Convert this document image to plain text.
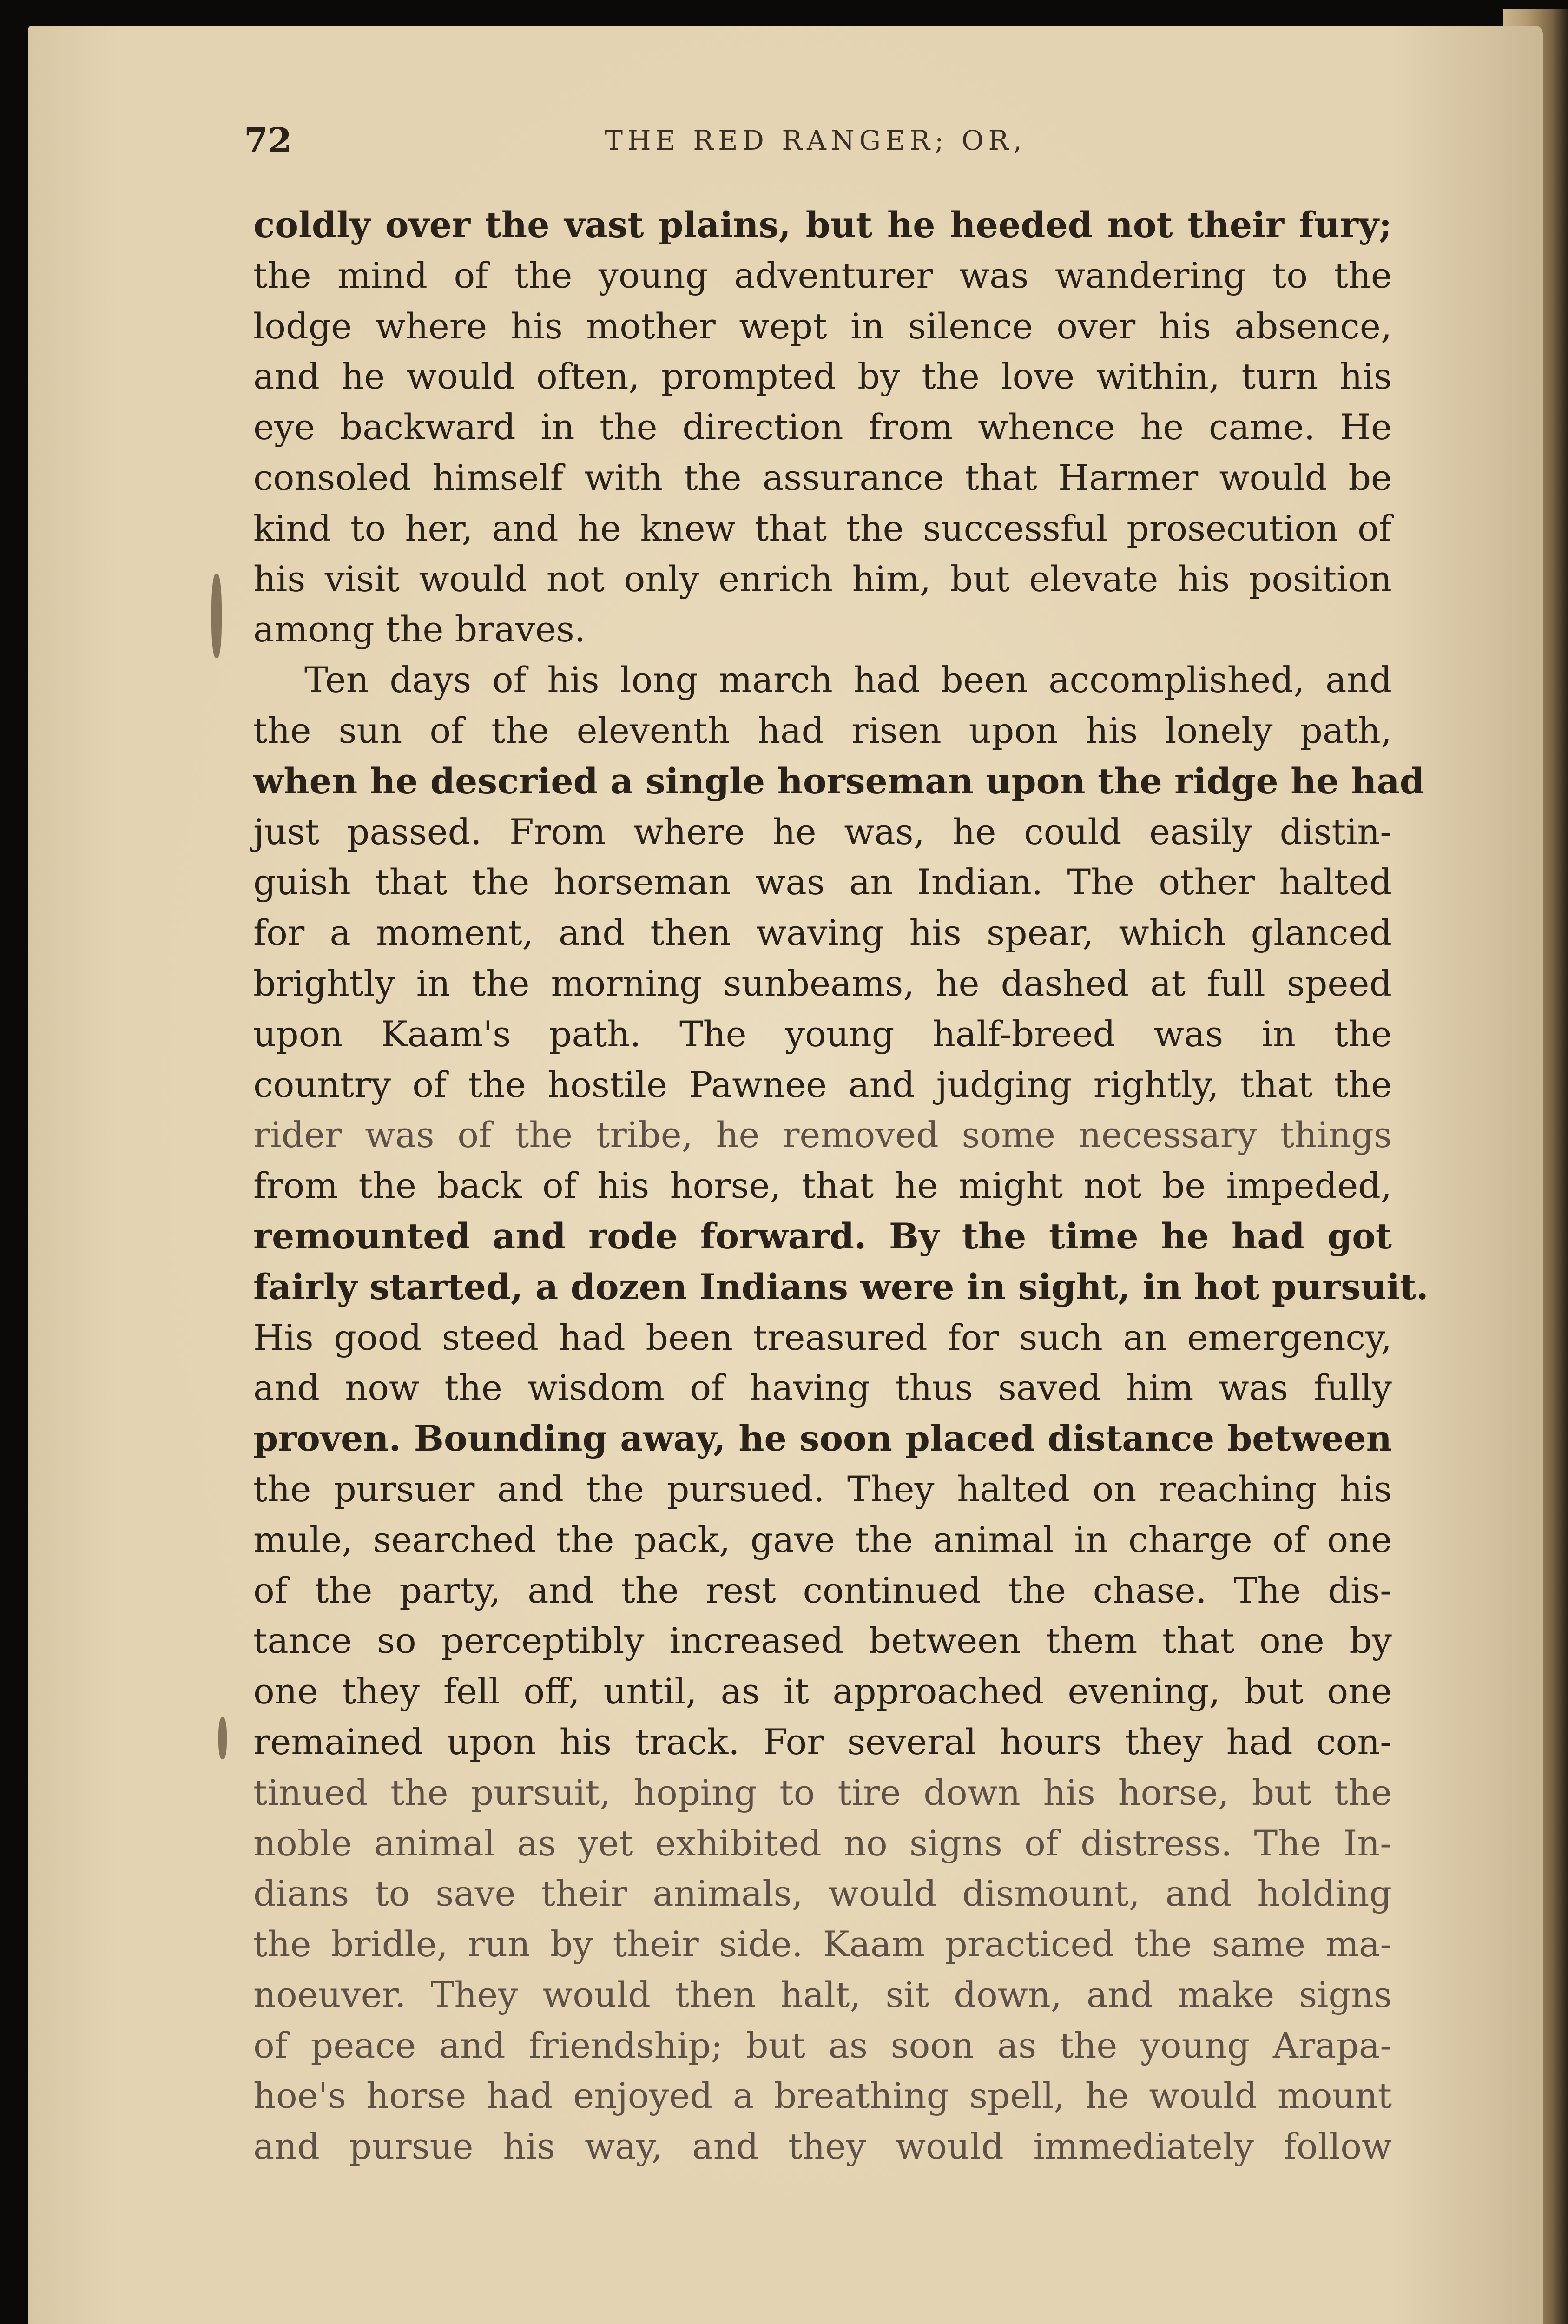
72	THE RED RANGER; OR,
coldly over the vast plains, but he heeded not their fury;
the mind of the young adventurer was wandering to the
lodge where his mother wept in silence over his absence,
and he would often, prompted by the love within, turn his
eye backward in the direction from whence he came. He
consoled himself with the assurance that Harmer would be
kind to her, and he knew that the successful prosecution of
his visit would not only enrich him, but elevate his position
among the braves.
Ten days of his long march had been accomplished, and
the sun of the eleventh had risen upon his lonely path,
when he descried a single horseman upon the ridge he had
just passed. From where he was, he could easily distin-
guish that the horseman was an Indian. The other halted
for a moment, and then waving his spear, which glanced
brightly in the morning sunbeams, he dashed at full speed
upon Kaam's path. The young half-breed was in the
country of the hostile Pawnee and judging rightly, that the
rider was of the tribe, he removed some necessary things
from the back of his horse, that he might not be impeded,
remounted and rode forward. By the time he had got
fairly started, a dozen Indians were in sight, in hot pursuit.
His good steed had been treasured for such an emergency,
and now the wisdom of having thus saved him was fully
proven. Bounding away, he soon placed distance between
the pursuer and the pursued. They halted on reaching his
mule, searched the pack, gave the animal in charge of one
of the party, and the rest continued the chase. The dis-
tance so perceptibly increased between them that one by
one they fell off, until, as it approached evening, but one
remained upon his track. For several hours they had con-
tinued the pursuit, hoping to tire down his horse, but the
noble animal as yet exhibited no signs of distress. The In-
dians to save their animals, would dismount, and holding
the bridle, run by their side. Kaam practiced the same ma-
noeuver. They would then halt, sit down, and make signs
of peace and friendship; but as soon as the young Arapa-
hoe's horse had enjoyed a breathing spell, he would mount
and pursue his way, and they would immediately follow
